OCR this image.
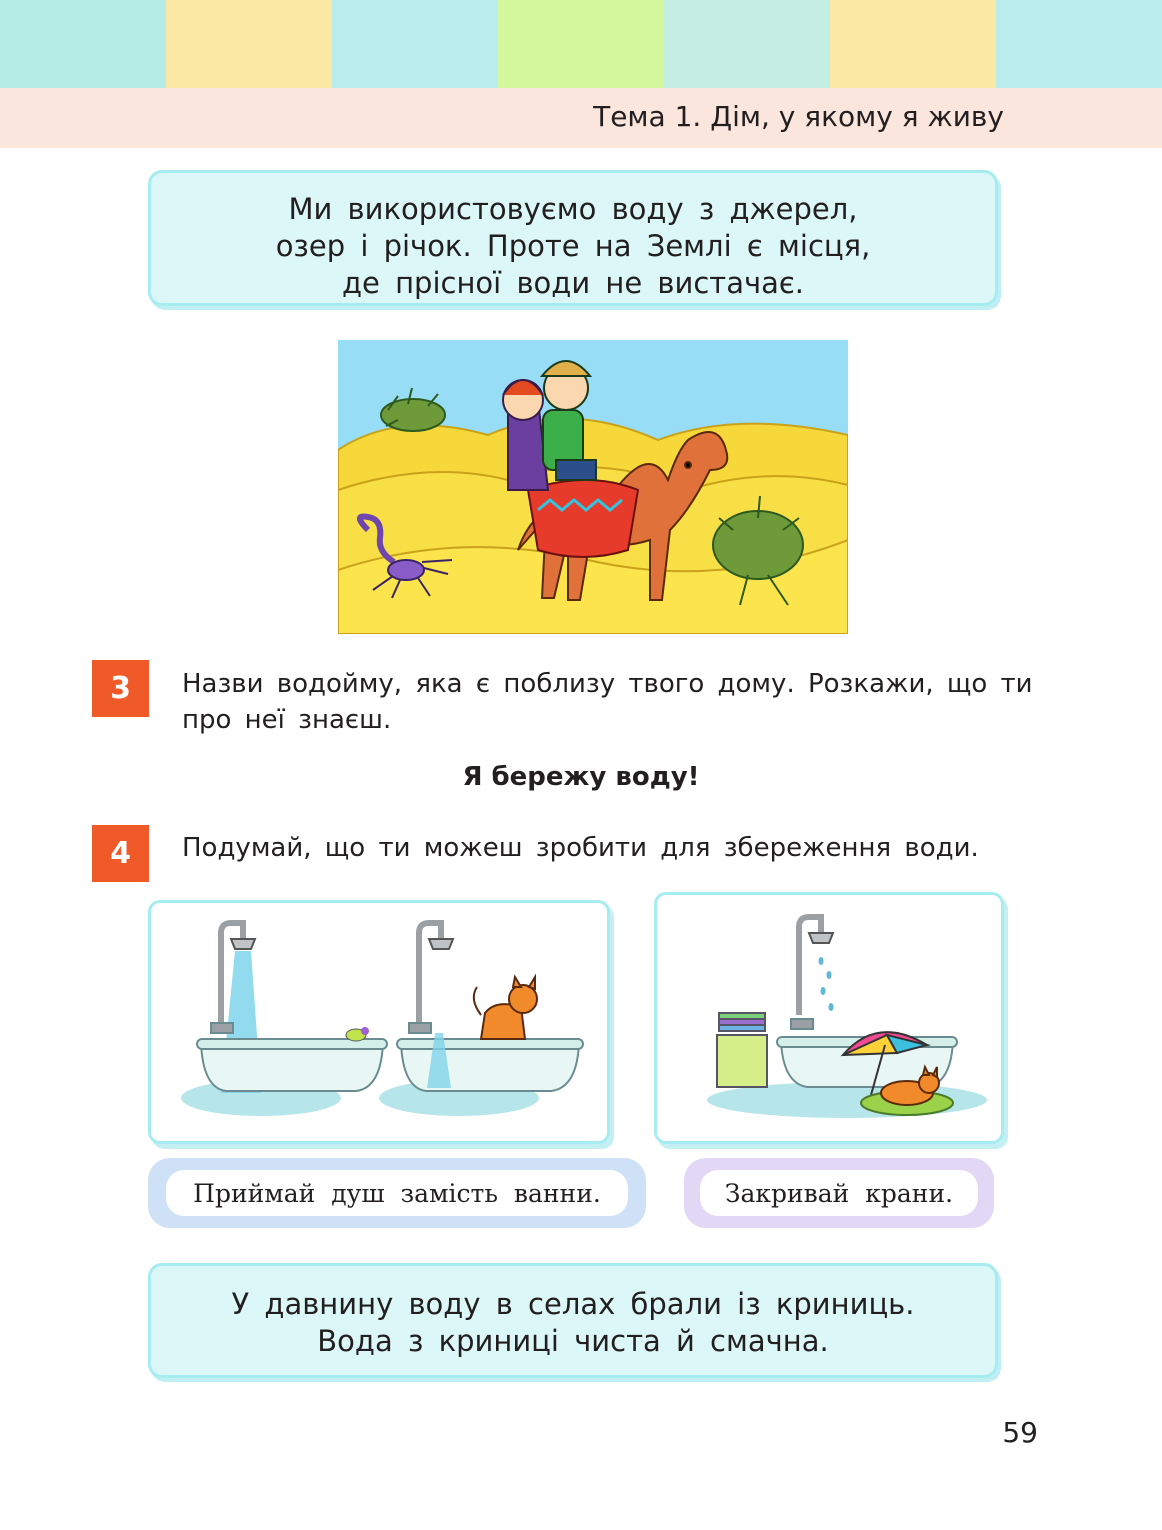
Тема 1. Дім, у якому я живу
Ми використовуємо воду з джерел,
озер і річок. Проте на Землі є місця,
де прісної води не вистачає.
3	Назви водойму, яка є поблизу твого дому. Розкажи, що ти
про неї знаєш.
Я бережу воду!
4	Подумай, що ти можеш зробити для збереження води.
Приймай душ замість ванни.	Закривай крани.
У давнину воду в селах брали із криниць.
Вода з криниці чиста й смачна.
59
